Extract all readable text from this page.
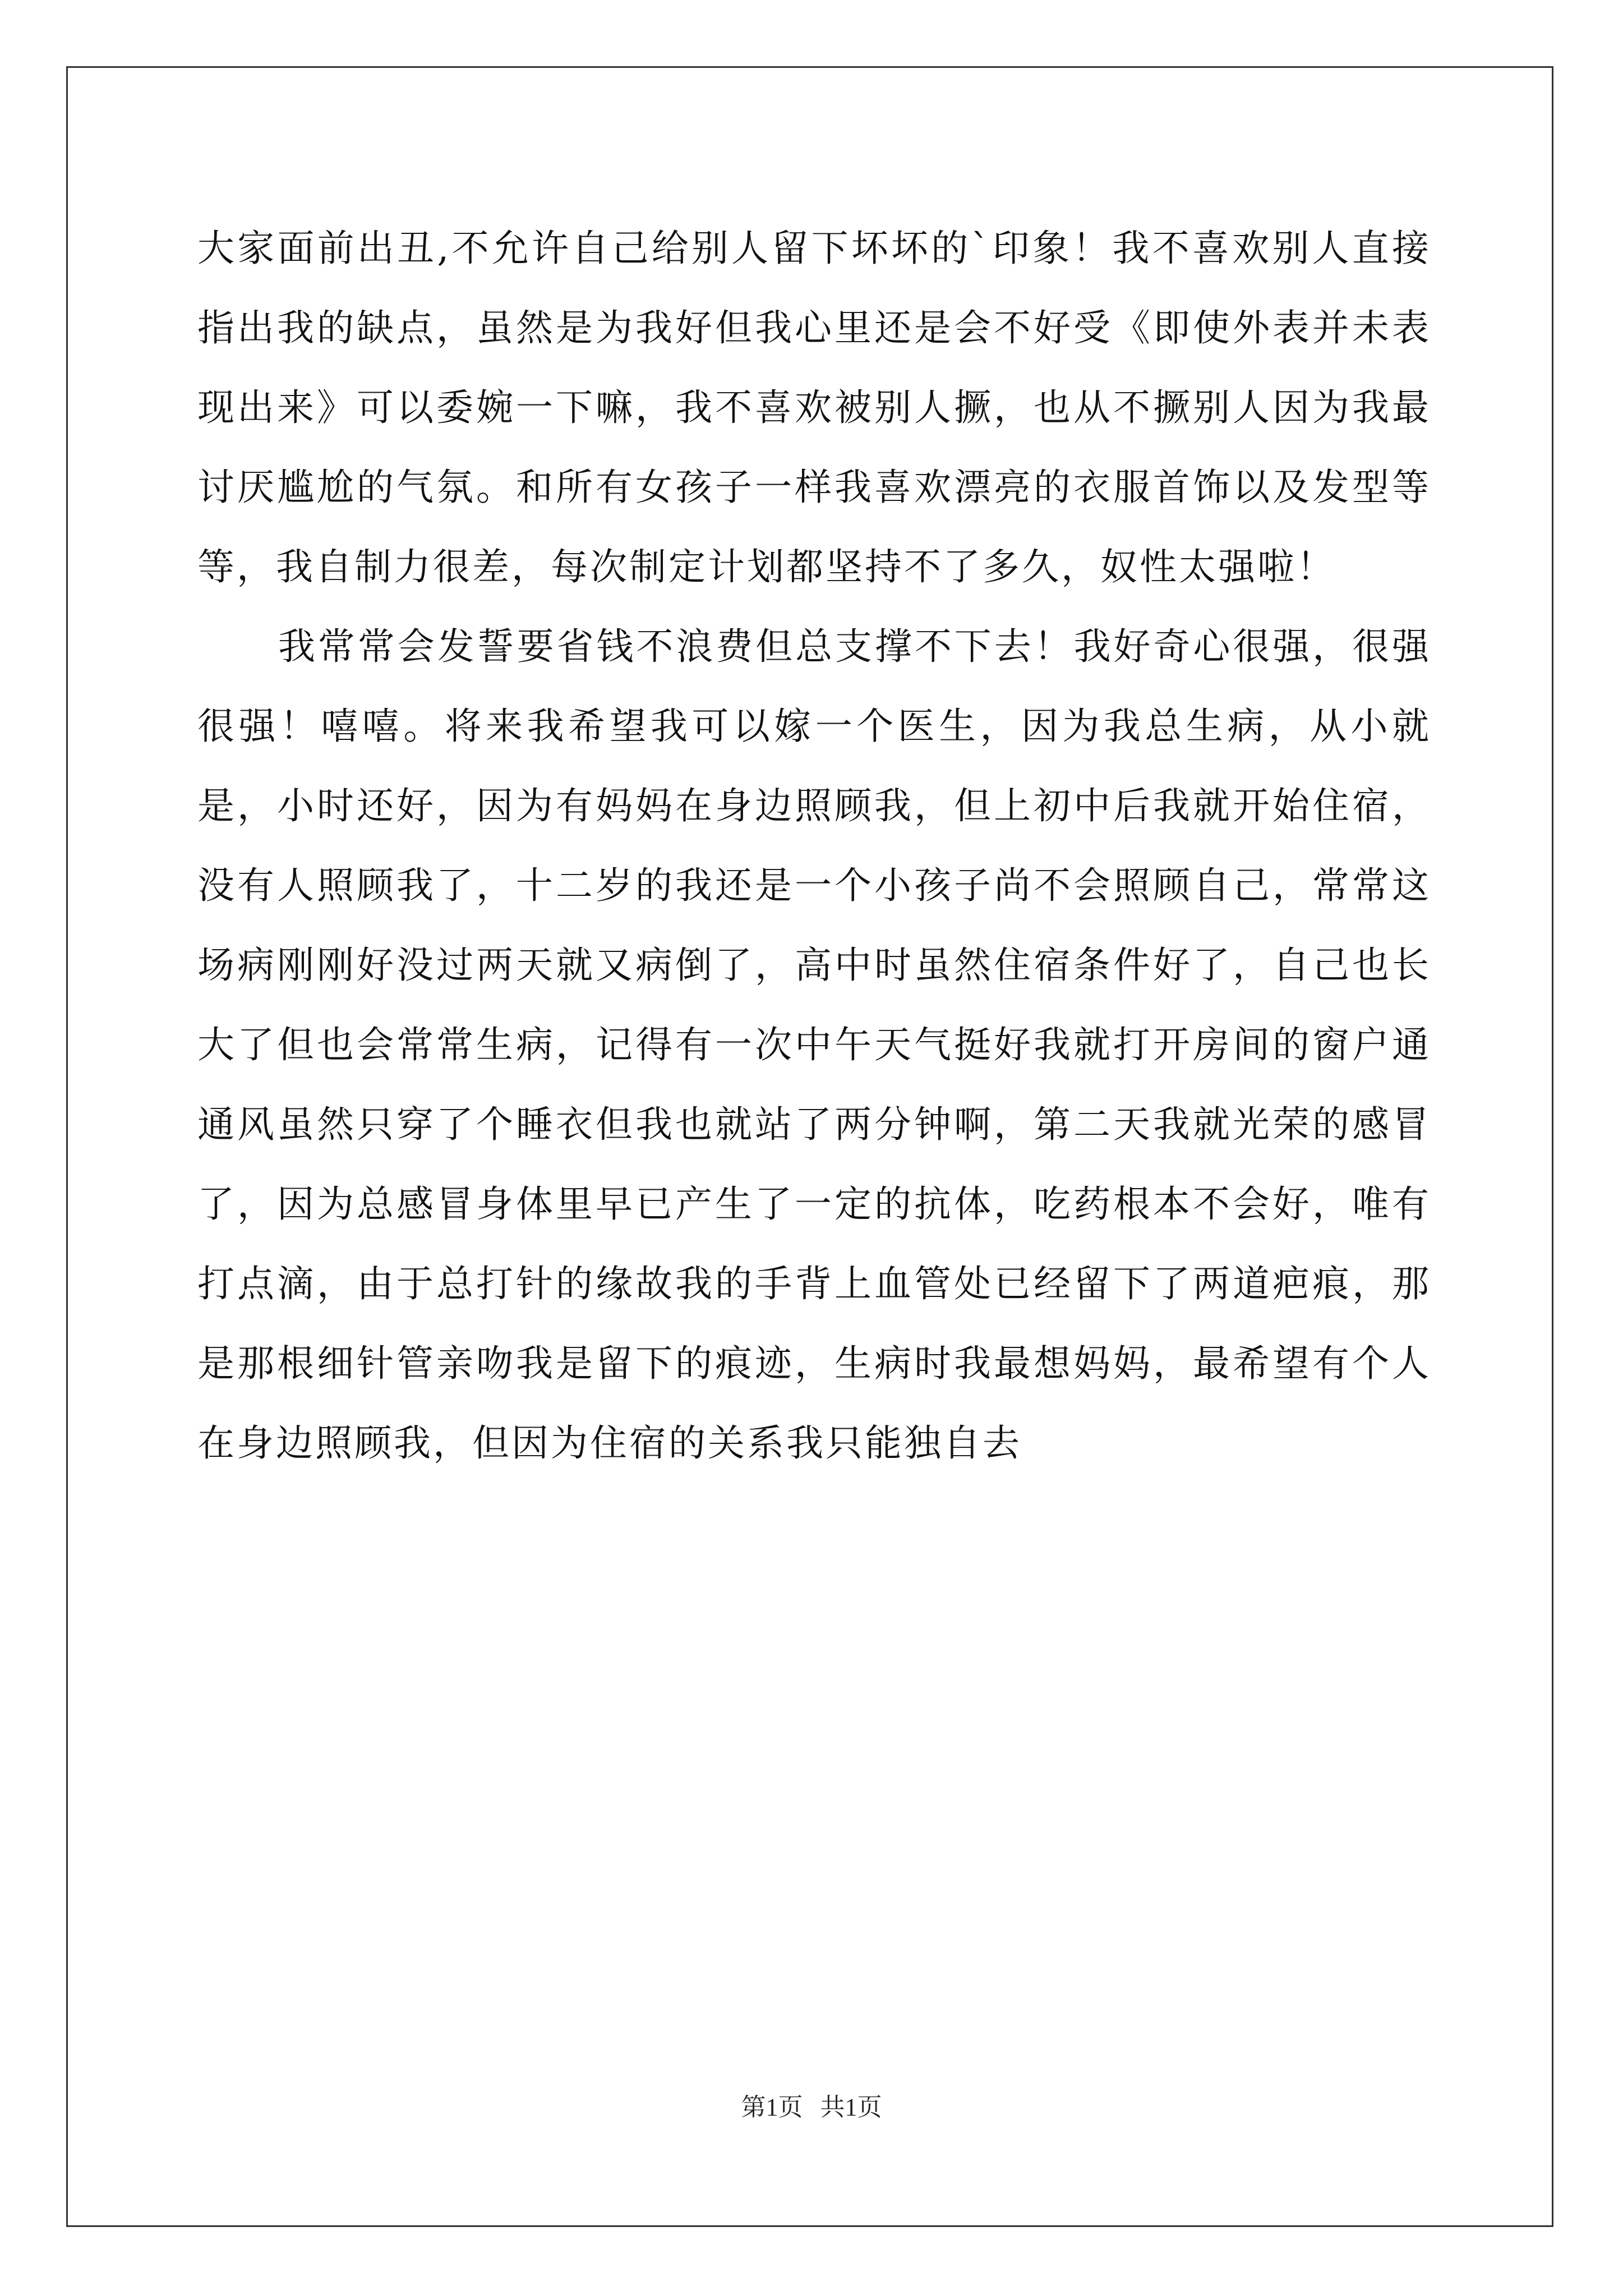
大家面前出丑,不允许自己给别人留下坏坏的`印象！我不喜欢别人直接指出我的缺点，虽然是为我好但我心里还是会不好受《即使外表并未表现出来》可以委婉一下嘛，我不喜欢被别人撅，也从不撅别人因为我最讨厌尴尬的气氛。和所有女孩子一样我喜欢漂亮的衣服首饰以及发型等等，我自制力很差，每次制定计划都坚持不了多久，奴性太强啦！

我常常会发誓要省钱不浪费但总支撑不下去！我好奇心很强，很强很强！嘻嘻。将来我希望我可以嫁一个医生，因为我总生病，从小就是，小时还好，因为有妈妈在身边照顾我，但上初中后我就开始住宿，没有人照顾我了，十二岁的我还是一个小孩子尚不会照顾自己，常常这场病刚刚好没过两天就又病倒了，高中时虽然住宿条件好了，自己也长大了但也会常常生病，记得有一次中午天气挺好我就打开房间的窗户通通风虽然只穿了个睡衣但我也就站了两分钟啊，第二天我就光荣的感冒了，因为总感冒身体里早已产生了一定的抗体，吃药根本不会好，唯有打点滴，由于总打针的缘故我的手背上血管处已经留下了两道疤痕，那是那根细针管亲吻我是留下的痕迹，生病时我最想妈妈，最希望有个人在身边照顾我，但因为住宿的关系我只能独自去

第1页 共1页
